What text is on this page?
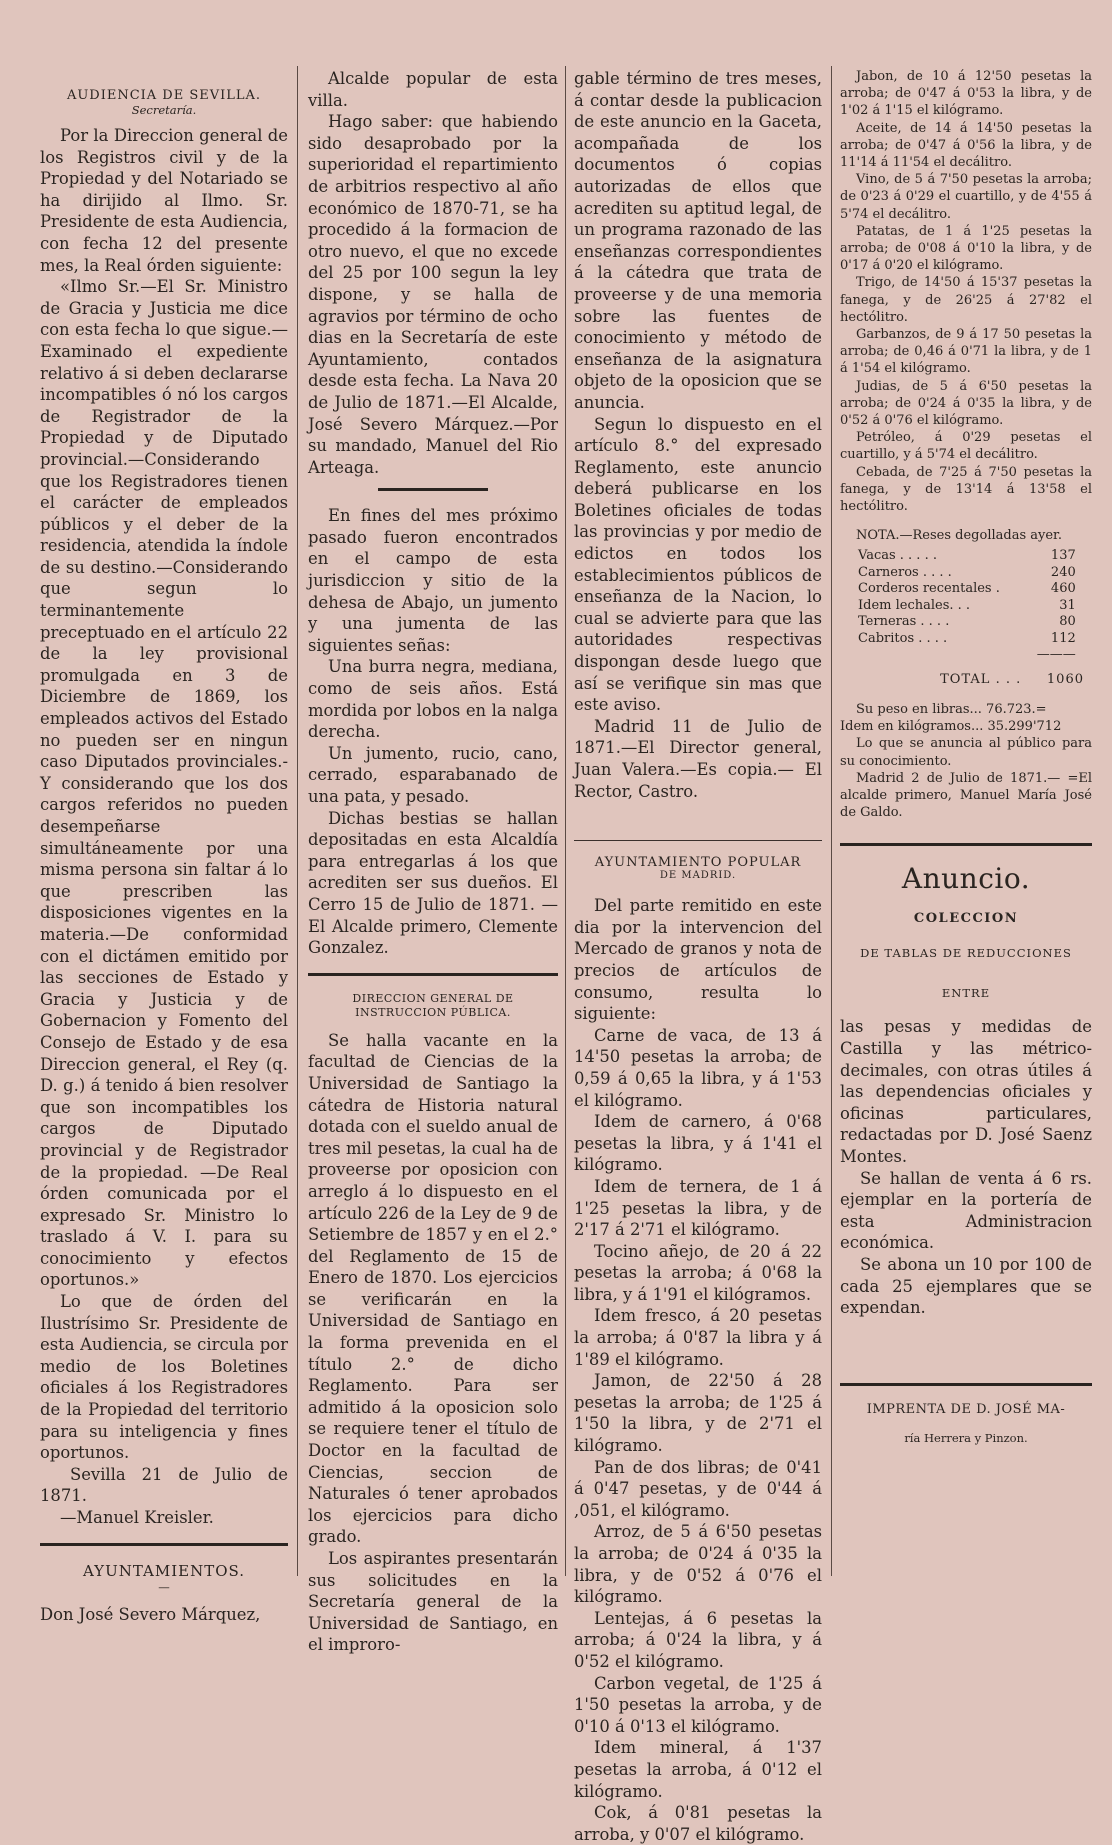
AUDIENCIA DE SEVILLA.
Secretaría.

Por la Direccion general de los Registros civil y de la Propiedad y del Notariado se ha dirijido al Ilmo. Sr. Presidente de esta Audiencia, con fecha 12 del presente mes, la Real órden siguiente:

«Ilmo Sr.—El Sr. Ministro de Gracia y Justicia me dice con esta fecha lo que sigue.—Examinado el expediente relativo á si deben declararse incompatibles ó nó los cargos de Registrador de la Propiedad y de Diputado provincial.—Considerando que los Registradores tienen el carácter de empleados públicos y el deber de la residencia, atendida la índole de su destino.—Considerando que segun lo terminantemente preceptuado en el artículo 22 de la ley provisional promulgada en 3 de Diciembre de 1869, los empleados activos del Estado no pueden ser en ningun caso Diputados provinciales.-Y considerando que los dos cargos referidos no pueden desempeñarse simultáneamente por una misma persona sin faltar á lo que prescriben las disposiciones vigentes en la materia.—De conformidad con el dictámen emitido por las secciones de Estado y Gracia y Justicia y de Gobernacion y Fomento del Consejo de Estado y de esa Direccion general, el Rey (q. D. g.) á tenido á bien resolver que son incompatibles los cargos de Diputado provincial y de Registrador de la propiedad. —De Real órden comunicada por el expresado Sr. Ministro lo traslado á V. I. para su conocimiento y efectos oportunos.»

Lo que de órden del Ilustrísimo Sr. Presidente de esta Audiencia, se circula por medio de los Boletines oficiales á los Registradores de la Propiedad del territorio para su inteligencia y fines oportunos.

Sevilla 21 de Julio de 1871.

—Manuel Kreisler.

AYUNTAMIENTOS.
—

Don José Severo Márquez,

Alcalde popular de esta villa.

Hago saber: que habiendo sido desaprobado por la superioridad el repartimiento de arbitrios respectivo al año económico de 1870-71, se ha procedido á la formacion de otro nuevo, el que no excede del 25 por 100 segun la ley dispone, y se halla de agravios por término de ocho dias en la Secretaría de este Ayuntamiento, contados desde esta fecha. La Nava 20 de Julio de 1871.—El Alcalde, José Severo Márquez.—Por su mandado, Manuel del Rio Arteaga.

En fines del mes próximo pasado fueron encontrados en el campo de esta jurisdiccion y sitio de la dehesa de Abajo, un jumento y una jumenta de las siguientes señas:

Una burra negra, mediana, como de seis años. Está mordida por lobos en la nalga derecha.

Un jumento, rucio, cano, cerrado, esparabanado de una pata, y pesado.

Dichas bestias se hallan depositadas en esta Alcaldía para entregarlas á los que acrediten ser sus dueños. El Cerro 15 de Julio de 1871. —El Alcalde primero, Clemente Gonzalez.

DIRECCION GENERAL DE INSTRUCCION PÚBLICA.

Se halla vacante en la facultad de Ciencias de la Universidad de Santiago la cátedra de Historia natural dotada con el sueldo anual de tres mil pesetas, la cual ha de proveerse por oposicion con arreglo á lo dispuesto en el artículo 226 de la Ley de 9 de Setiembre de 1857 y en el 2.° del Reglamento de 15 de Enero de 1870. Los ejercicios se verificarán en la Universidad de Santiago en la forma prevenida en el título 2.° de dicho Reglamento. Para ser admitido á la oposicion solo se requiere tener el título de Doctor en la facultad de Ciencias, seccion de Naturales ó tener aprobados los ejercicios para dicho grado.

Los aspirantes presentarán sus solicitudes en la Secretaría general de la Universidad de Santiago, en el improro-

gable término de tres meses, á contar desde la publicacion de este anuncio en la Gaceta, acompañada de los documentos ó copias autorizadas de ellos que acrediten su aptitud legal, de un programa razonado de las enseñanzas correspondientes á la cátedra que trata de proveerse y de una memoria sobre las fuentes de conocimiento y método de enseñanza de la asignatura objeto de la oposicion que se anuncia.

Segun lo dispuesto en el artículo 8.° del expresado Reglamento, este anuncio deberá publicarse en los Boletines oficiales de todas las provincias y por medio de edictos en todos los establecimientos públicos de enseñanza de la Nacion, lo cual se advierte para que las autoridades respectivas dispongan desde luego que así se verifique sin mas que este aviso.

Madrid 11 de Julio de 1871.—El Director general, Juan Valera.—Es copia.— El Rector, Castro.

AYUNTAMIENTO POPULAR
DE MADRID.

Del parte remitido en este dia por la intervencion del Mercado de granos y nota de precios de artículos de consumo, resulta lo siguiente:

Carne de vaca, de 13 á 14'50 pesetas la arroba; de 0,59 á 0,65 la libra, y á 1'53 el kilógramo.

Idem de carnero, á 0'68 pesetas la libra, y á 1'41 el kilógramo.

Idem de ternera, de 1 á 1'25 pesetas la libra, y de 2'17 á 2'71 el kilógramo.

Tocino añejo, de 20 á 22 pesetas la arroba; á 0'68 la libra, y á 1'91 el kilógramos.

Idem fresco, á 20 pesetas la arroba; á 0'87 la libra y á 1'89 el kilógramo.

Jamon, de 22'50 á 28 pesetas la arroba; de 1'25 á 1'50 la libra, y de 2'71 el kilógramo.

Pan de dos libras; de 0'41 á 0'47 pesetas, y de 0'44 á ,051, el kilógramo.

Arroz, de 5 á 6'50 pesetas la arroba; de 0'24 á 0'35 la libra, y de 0'52 á 0'76 el kilógramo.

Lentejas, á 6 pesetas la arroba; á 0'24 la libra, y á 0'52 el kilógramo.

Carbon vegetal, de 1'25 á 1'50 pesetas la arroba, y de 0'10 á 0'13 el kilógramo.

Idem mineral, á 1'37 pesetas la arroba, á 0'12 el kilógramo.

Cok, á 0'81 pesetas la arroba, y 0'07 el kilógramo.

Jabon, de 10 á 12'50 pesetas la arroba; de 0'47 á 0'53 la libra, y de 1'02 á 1'15 el kilógramo.

Aceite, de 14 á 14'50 pesetas la arroba; de 0'47 á 0'56 la libra, y de 11'14 á 11'54 el decálitro.

Vino, de 5 á 7'50 pesetas la arroba; de 0'23 á 0'29 el cuartillo, y de 4'55 á 5'74 el decálitro.

Patatas, de 1 á 1'25 pesetas la arroba; de 0'08 á 0'10 la libra, y de 0'17 á 0'20 el kilógramo.

Trigo, de 14'50 á 15'37 pesetas la fanega, y de 26'25 á 27'82 el hectólitro.

Garbanzos, de 9 á 17 50 pesetas la arroba; de 0,46 á 0'71 la libra, y de 1 á 1'54 el kilógramo.

Judias, de 5 á 6'50 pesetas la arroba; de 0'24 á 0'35 la libra, y de 0'52 á 0'76 el kilógramo.

Petróleo, á 0'29 pesetas el cuartillo, y á 5'74 el decálitro.

Cebada, de 7'25 á 7'50 pesetas la fanega, y de 13'14 á 13'58 el hectólitro.

NOTA.—Reses degolladas ayer.

Vacas . . . . .	137
Carneros . . . .	240
Corderos recentales .	460
Idem lechales. . .	31
Terneras . . . .	80
Cabritos . . . .	112
	———
TOTAL . . . 1060

Su peso en libras... 76.723.=

Idem en kilógramos... 35.299'712

Lo que se anuncia al público para su conocimiento.

Madrid 2 de Julio de 1871.— =El alcalde primero, Manuel María José de Galdo.

Anuncio.
COLECCION
DE TABLAS DE REDUCCIONES
ENTRE

las pesas y medidas de Castilla y las métrico-decimales, con otras útiles á las dependencias oficiales y oficinas particulares, redactadas por D. José Saenz Montes.

Se hallan de venta á 6 rs. ejemplar en la portería de esta Administracion económica.

Se abona un 10 por 100 de cada 25 ejemplares que se expendan.

IMPRENTA DE D. JOSÉ MA-
ría Herrera y Pinzon.
